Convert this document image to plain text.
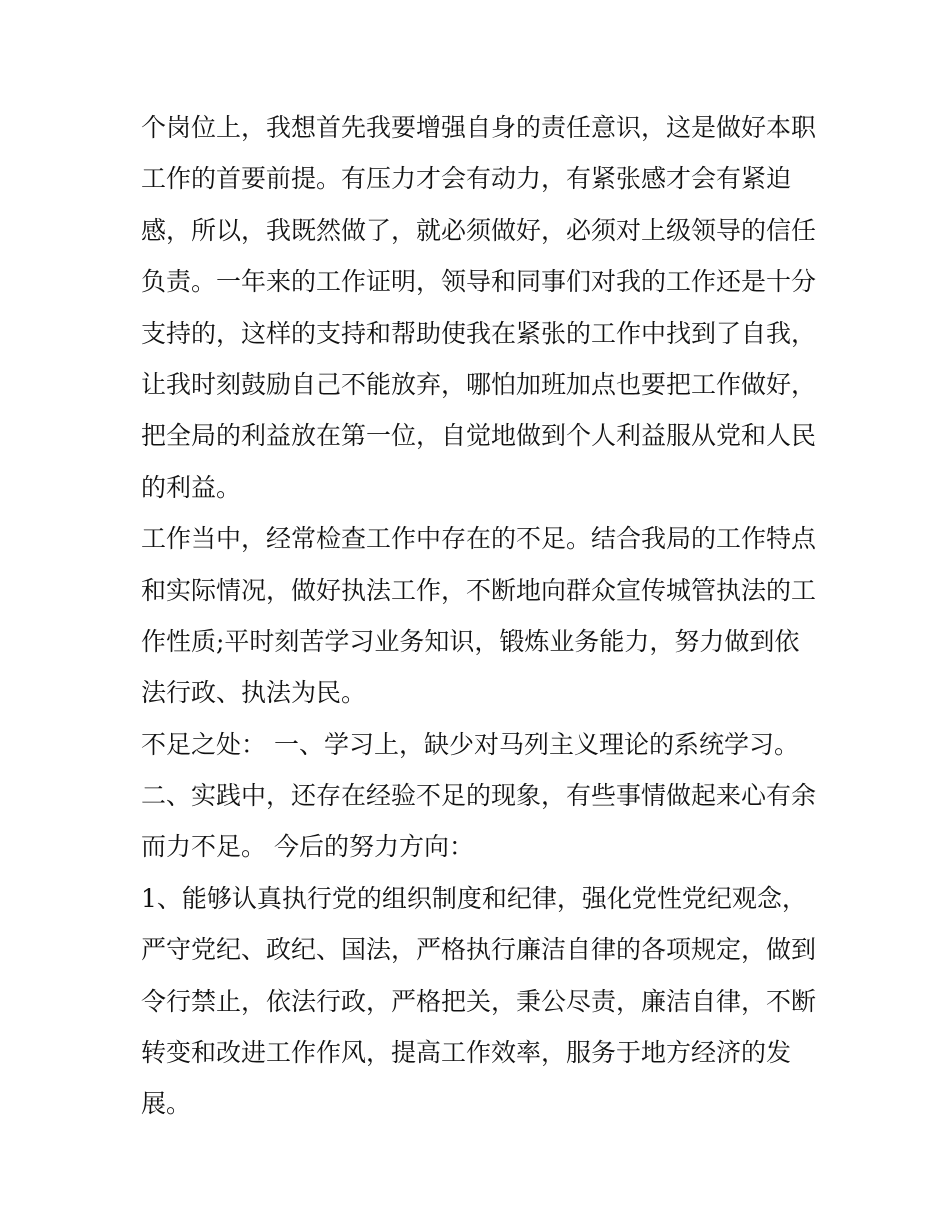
个岗位上，我想首先我要增强自身的责任意识，这是做好本职
工作的首要前提。有压力才会有动力，有紧张感才会有紧迫
感，所以，我既然做了，就必须做好，必须对上级领导的信任
负责。一年来的工作证明，领导和同事们对我的工作还是十分
支持的，这样的支持和帮助使我在紧张的工作中找到了自我，
让我时刻鼓励自己不能放弃，哪怕加班加点也要把工作做好，
把全局的利益放在第一位，自觉地做到个人利益服从党和人民
的利益。
工作当中，经常检查工作中存在的不足。结合我局的工作特点
和实际情况，做好执法工作，不断地向群众宣传城管执法的工
作性质;平时刻苦学习业务知识，锻炼业务能力，努力做到依
法行政、执法为民。
不足之处： 一、学习上，缺少对马列主义理论的系统学习。
二、实践中，还存在经验不足的现象，有些事情做起来心有余
而力不足。 今后的努力方向：
1、能够认真执行党的组织制度和纪律，强化党性党纪观念，
严守党纪、政纪、国法，严格执行廉洁自律的各项规定，做到
令行禁止，依法行政，严格把关，秉公尽责，廉洁自律，不断
转变和改进工作作风，提高工作效率，服务于地方经济的发
展。
